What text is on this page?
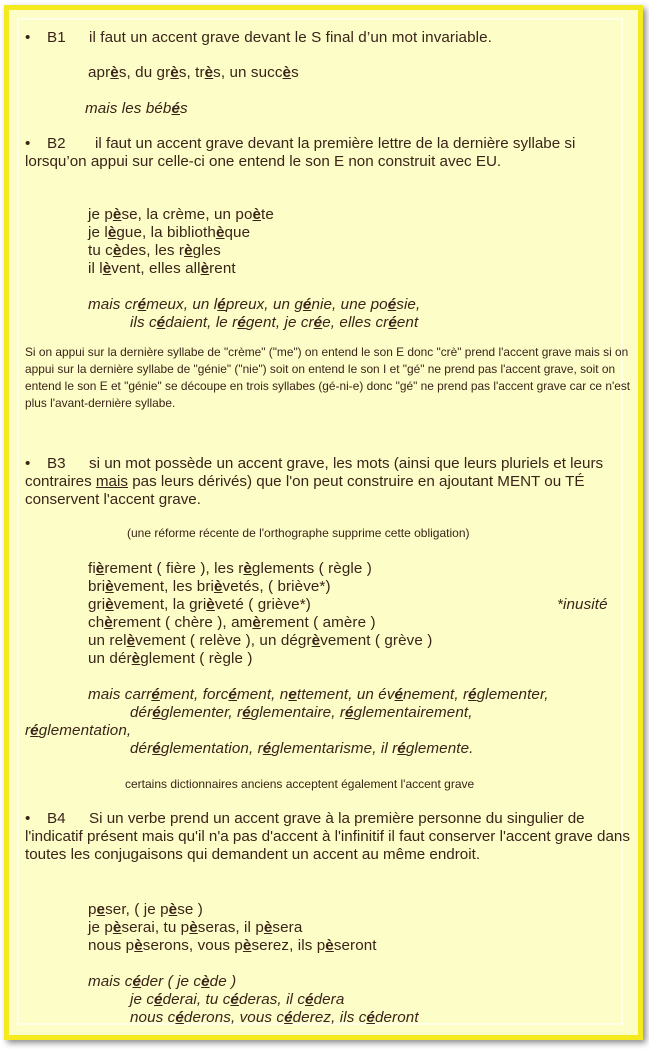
• B1 il faut un accent grave devant le S final d’un mot invariable.
après, du grès, très, un succès
mais les bébés
• B2 il faut un accent grave devant la première lettre de la dernière syllabe si lorsqu’on appui sur celle-ci one entend le son E non construit avec EU.
je pèse, la crème, un poète
je lègue, la bibliothèque
tu cèdes, les règles
il lèvent, elles allèrent
mais crémeux, un lépreux, un génie, une poésie,
ils cédaient, le régent, je crée, elles créent
Si on appui sur la dernière syllabe de "crème" ("me") on entend le son E donc "crè" prend l'accent grave mais si on appui sur la dernière syllabe de "génie" ("nie") soit on entend le son I et "gé" ne prend pas l'accent grave, soit on entend le son E et "génie" se découpe en trois syllabes (gé-ni-e) donc "gé" ne prend pas l'accent grave car ce n'est plus l'avant-dernière syllabe.
• B3 si un mot possède un accent grave, les mots (ainsi que leurs pluriels et leurs contraires mais pas leurs dérivés) que l'on peut construire en ajoutant MENT ou TÉ conservent l'accent grave.
(une réforme récente de l'orthographe supprime cette obligation)
fièrement ( fière ), les règlements ( règle )
brièvement, les brièvetés, ( briève*)
grièvement, la grièveté ( griève*)	*inusité
chèrement ( chère ), amèrement ( amère )
un relèvement ( relève ), un dégrèvement ( grève )
un dérèglement ( règle )
mais carrément, forcément, nettement, un événement, réglementer,
déréglementer, réglementaire, réglementairement,
réglementation,
déréglementation, réglementarisme, il réglemente.
certains dictionnaires anciens acceptent également l'accent grave
• B4 Si un verbe prend un accent grave à la première personne du singulier de l'indicatif présent mais qu'il n'a pas d'accent à l'infinitif il faut conserver l'accent grave dans toutes les conjugaisons qui demandent un accent au même endroit.
peser, ( je pèse )
je pèserai, tu pèseras, il pèsera
nous pèserons, vous pèserez, ils pèseront
mais céder ( je cède )
je céderai, tu céderas, il cédera
nous céderons, vous céderez, ils céderont
